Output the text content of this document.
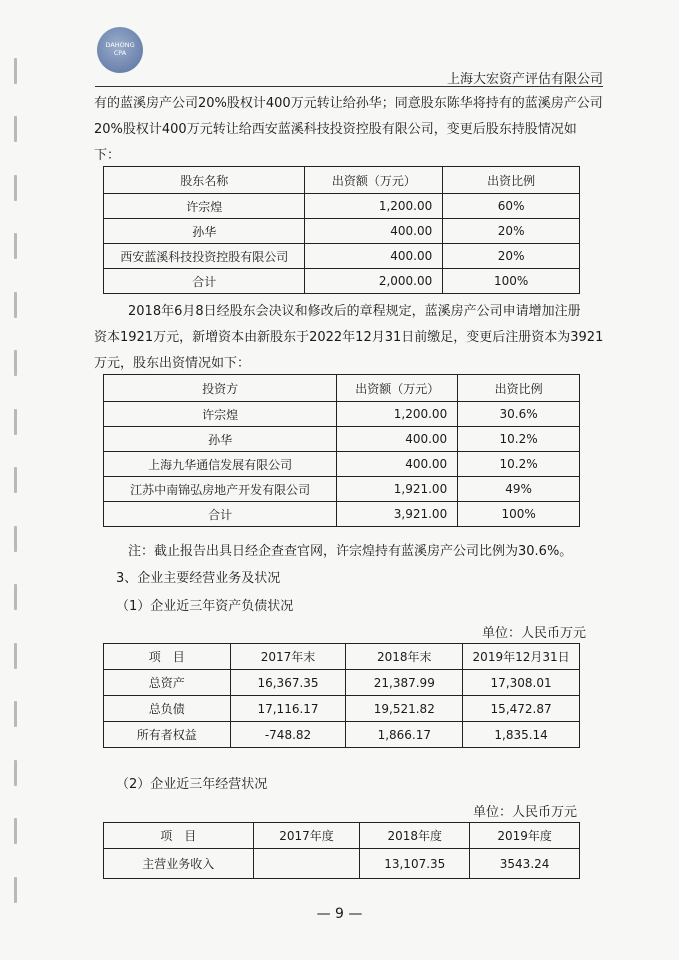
DAHONG
CPA
上海大宏资产评估有限公司
有的蓝溪房产公司20%股权计400万元转让给孙华；同意股东陈华将持有的蓝溪房产公司
20%股权计400万元转让给西安蓝溪科技投资控股有限公司，变更后股东持股情况如
下：
股东名称	出资额（万元）	出资比例
许宗煌	1,200.00	60%
孙华	400.00	20%
西安蓝溪科技投资控股有限公司	400.00	20%
合计	2,000.00	100%
2018年6月8日经股东会决议和修改后的章程规定，蓝溪房产公司申请增加注册
资本1921万元，新增资本由新股东于2022年12月31日前缴足，变更后注册资本为3921
万元，股东出资情况如下：
投资方	出资额（万元）	出资比例
许宗煌	1,200.00	30.6%
孙华	400.00	10.2%
上海九华通信发展有限公司	400.00	10.2%
江苏中南锦弘房地产开发有限公司	1,921.00	49%
合计	3,921.00	100%
注：截止报告出具日经企查查官网，许宗煌持有蓝溪房产公司比例为30.6%。
3、企业主要经营业务及状况
（1）企业近三年资产负债状况
单位：人民币万元
项　目	2017年末	2018年末	2019年12月31日
总资产	16,367.35	21,387.99	17,308.01
总负债	17,116.17	19,521.82	15,472.87
所有者权益	-748.82	1,866.17	1,835.14
（2）企业近三年经营状况
单位：人民币万元
项　目	2017年度	2018年度	2019年度
主营业务收入		13,107.35	3543.24
— 9 —
